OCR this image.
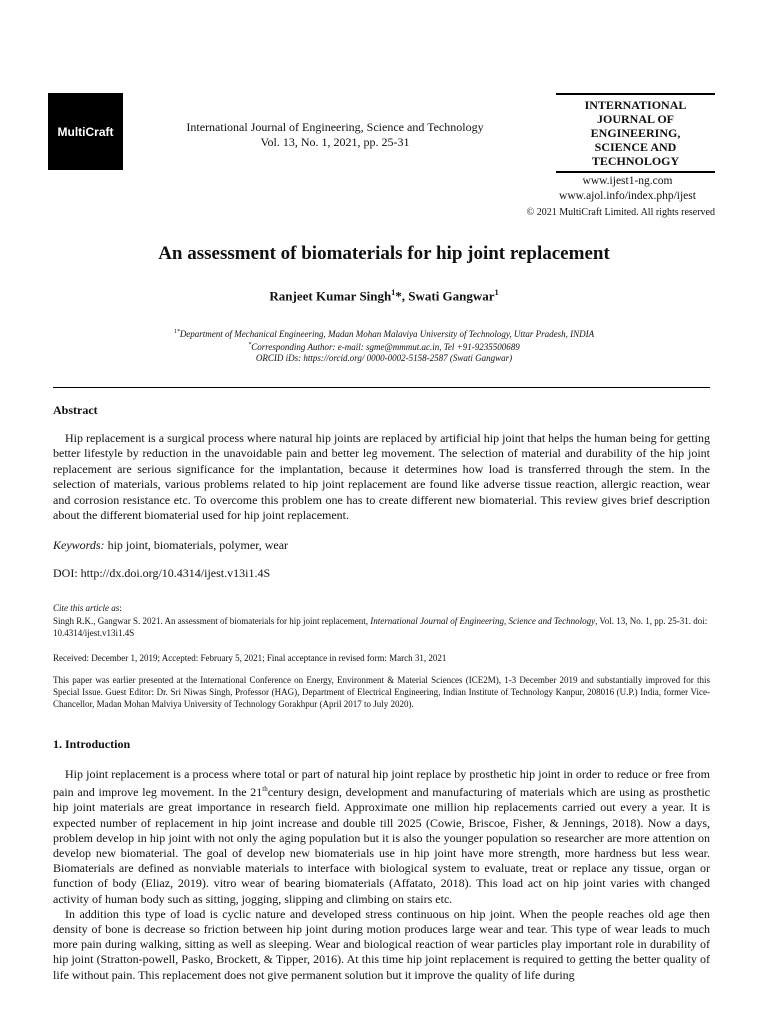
MultiCraft	International Journal of Engineering, Science and Technology
Vol. 13, No. 1, 2021, pp. 25-31
INTERNATIONAL
JOURNAL OF
ENGINEERING,
SCIENCE AND
TECHNOLOGY
www.ijest1-ng.com
www.ajol.info/index.php/ijest
© 2021 MultiCraft Limited. All rights reserved
An assessment of biomaterials for hip joint replacement
Ranjeet Kumar Singh$^1$*, Swati Gangwar$^1$
$^{1*}$Department of Mechanical Engineering, Madan Mohan Malaviya University of Technology, Uttar Pradesh, INDIA
*Corresponding Author: e-mail: sgme@mmmut.ac.in, Tel +91-9235500689
ORCID iDs: https://orcid.org/ 0000-0002-5158-2587 (Swati Gangwar)
Abstract

Hip replacement is a surgical process where natural hip joints are replaced by artificial hip joint that helps the human being for getting better lifestyle by reduction in the unavoidable pain and better leg movement. The selection of material and durability of the hip joint replacement are serious significance for the implantation, because it determines how load is transferred through the stem. In the selection of materials, various problems related to hip joint replacement are found like adverse tissue reaction, allergic reaction, wear and corrosion resistance etc. To overcome this problem one has to create different new biomaterial. This review gives brief description about the different biomaterial used for hip joint replacement.

Keywords: hip joint, biomaterials, polymer, wear
DOI: http://dx.doi.org/10.4314/ijest.v13i1.4S
Cite this article as:
Singh R.K., Gangwar S. 2021. An assessment of biomaterials for hip joint replacement, International Journal of Engineering, Science and Technology, Vol. 13, No. 1, pp. 25-31. doi: 10.4314/ijest.v13i1.4S
Received: December 1, 2019; Accepted: February 5, 2021; Final acceptance in revised form: March 31, 2021
This paper was earlier presented at the International Conference on Energy, Environment & Material Sciences (ICE2M), 1-3 December 2019 and substantially improved for this Special Issue. Guest Editor: Dr. Sri Niwas Singh, Professor (HAG), Department of Electrical Engineering, Indian Institute of Technology Kanpur, 208016 (U.P.) India, former Vice-Chancellor, Madan Mohan Malviya University of Technology Gorakhpur (April 2017 to July 2020).
1. Introduction

Hip joint replacement is a process where total or part of natural hip joint replace by prosthetic hip joint in order to reduce or free from pain and improve leg movement. In the 21thcentury design, development and manufacturing of materials which are using as prosthetic hip joint materials are great importance in research field. Approximate one million hip replacements carried out every a year. It is expected number of replacement in hip joint increase and double till 2025 (Cowie, Briscoe, Fisher, & Jennings, 2018). Now a days, problem develop in hip joint with not only the aging population but it is also the younger population so researcher are more attention on develop new biomaterial. The goal of develop new biomaterials use in hip joint have more strength, more hardness but less wear. Biomaterials are defined as nonviable materials to interface with biological system to evaluate, treat or replace any tissue, organ or function of body (Eliaz, 2019). vitro wear of bearing biomaterials (Affatato, 2018). This load act on hip joint varies with changed activity of human body such as sitting, jogging, slipping and climbing on stairs etc.

In addition this type of load is cyclic nature and developed stress continuous on hip joint. When the people reaches old age then density of bone is decrease so friction between hip joint during motion produces large wear and tear. This type of wear leads to much more pain during walking, sitting as well as sleeping. Wear and biological reaction of wear particles play important role in durability of hip joint (Stratton-powell, Pasko, Brockett, & Tipper, 2016). At this time hip joint replacement is required to getting the better quality of life without pain. This replacement does not give permanent solution but it improve the quality of life during
